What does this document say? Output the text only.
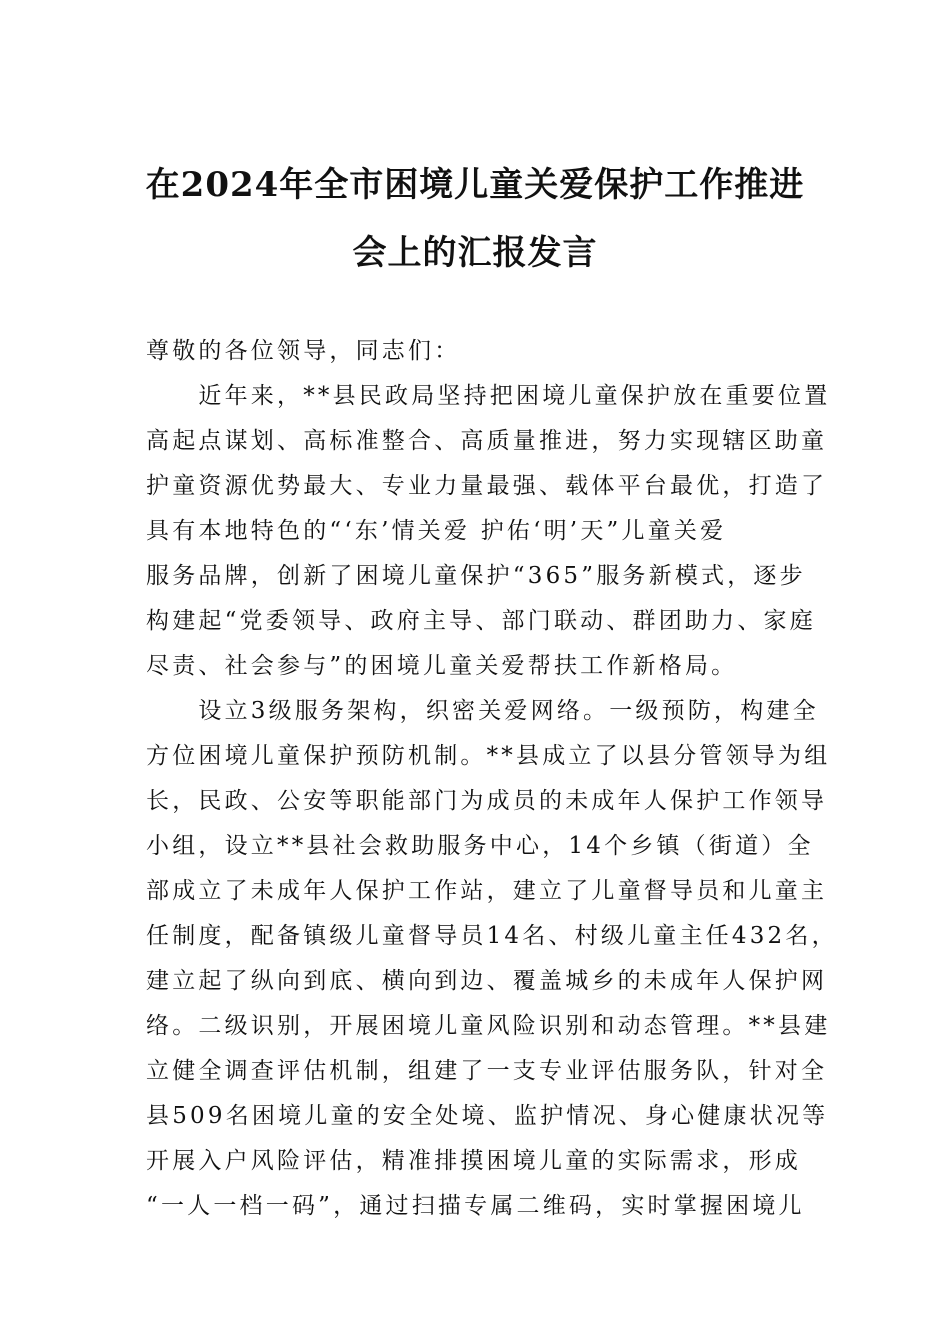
在2024年全市困境儿童关爱保护工作推进
会上的汇报发言
尊敬的各位领导，同志们：
　　近年来，**县民政局坚持把困境儿童保护放在重要位置
高起点谋划、高标准整合、高质量推进，努力实现辖区助童
护童资源优势最大、专业力量最强、载体平台最优，打造了
具有本地特色的“‘东’情关爱 护佑‘明’天”儿童关爱
服务品牌，创新了困境儿童保护“365”服务新模式，逐步
构建起“党委领导、政府主导、部门联动、群团助力、家庭
尽责、社会参与”的困境儿童关爱帮扶工作新格局。
　　设立3级服务架构，织密关爱网络。一级预防，构建全
方位困境儿童保护预防机制。**县成立了以县分管领导为组
长，民政、公安等职能部门为成员的未成年人保护工作领导
小组，设立**县社会救助服务中心，14个乡镇（街道）全
部成立了未成年人保护工作站，建立了儿童督导员和儿童主
任制度，配备镇级儿童督导员14名、村级儿童主任432名，
建立起了纵向到底、横向到边、覆盖城乡的未成年人保护网
络。二级识别，开展困境儿童风险识别和动态管理。**县建
立健全调查评估机制，组建了一支专业评估服务队，针对全
县509名困境儿童的安全处境、监护情况、身心健康状况等
开展入户风险评估，精准排摸困境儿童的实际需求，形成
“一人一档一码”，通过扫描专属二维码，实时掌握困境儿
